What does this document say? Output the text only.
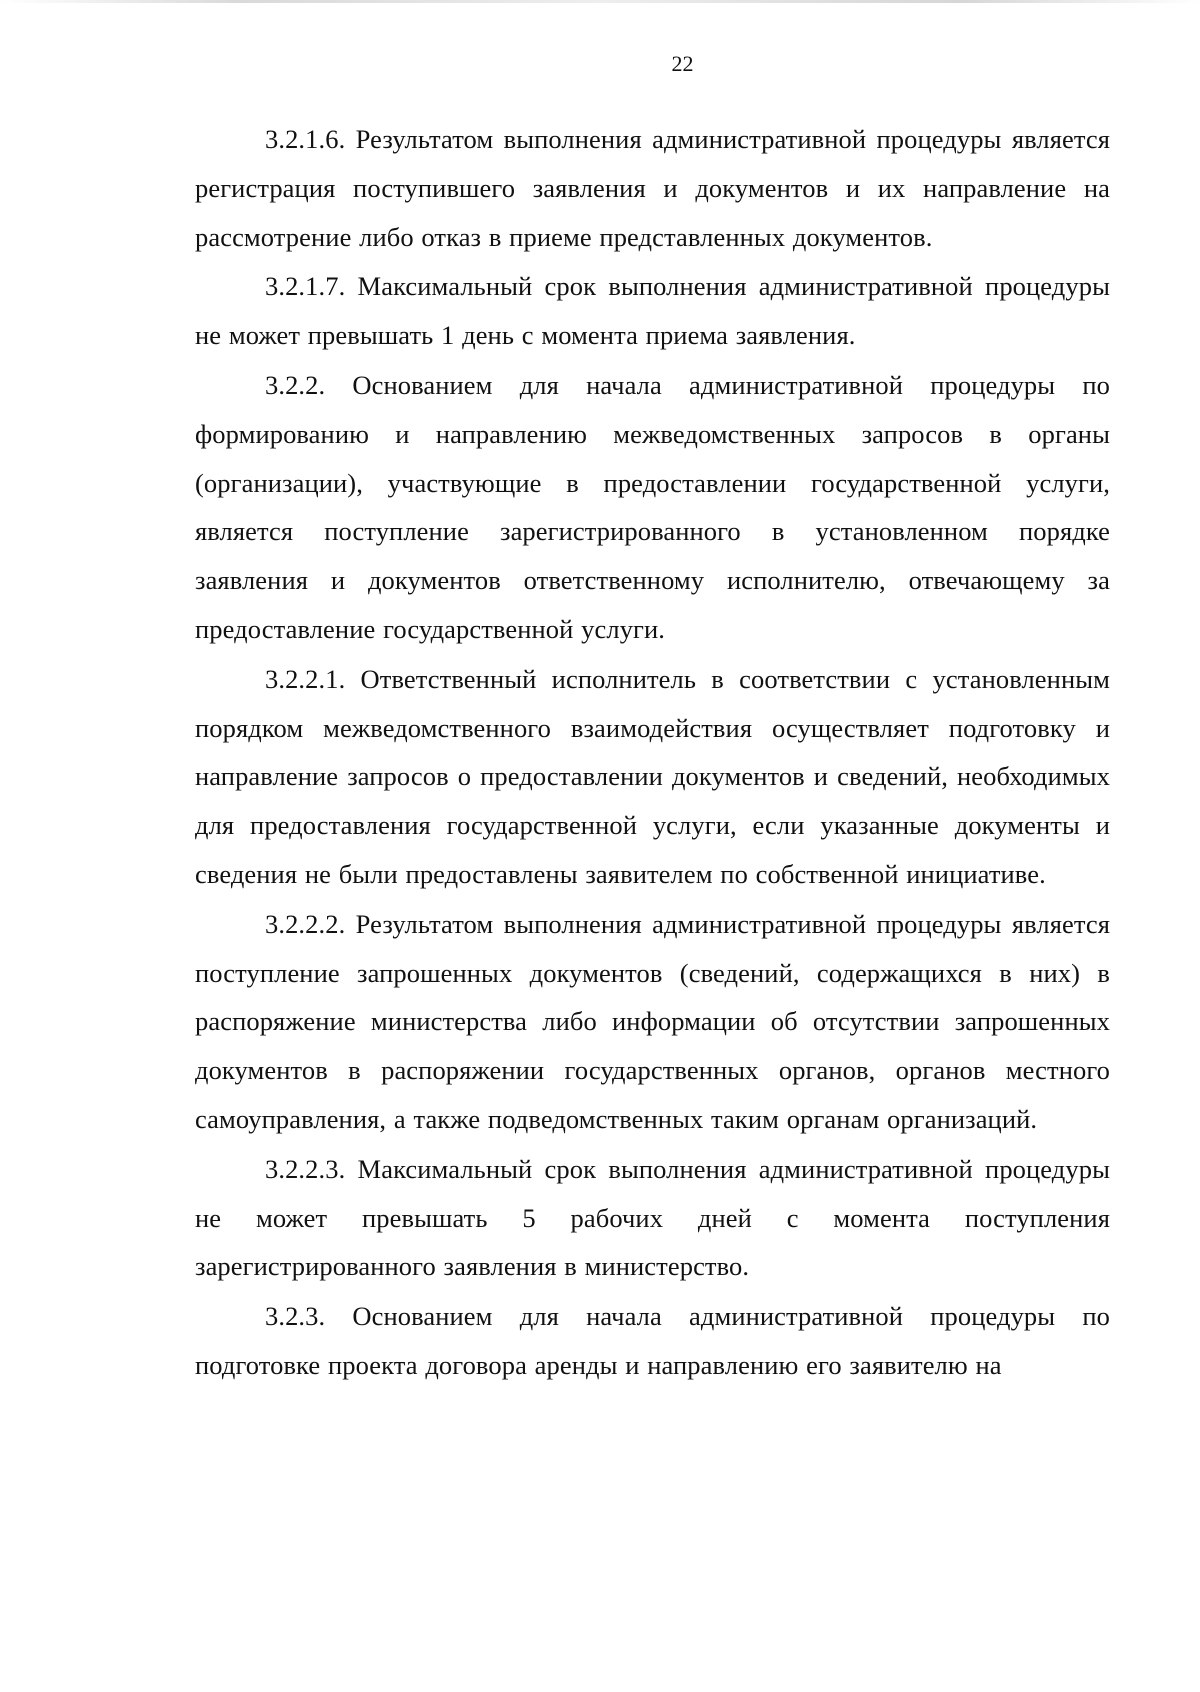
22

3.2.1.6. Результатом выполнения административной процедуры является регистрация поступившего заявления и документов и их направление на рассмотрение либо отказ в приеме представленных документов.

3.2.1.7. Максимальный срок выполнения административной процедуры не может превышать 1 день с момента приема заявления.

3.2.2. Основанием для начала административной процедуры по формированию и направлению межведомственных запросов в органы (организации), участвующие в предоставлении государственной услуги, является поступление зарегистрированного в установленном порядке заявления и документов ответственному исполнителю, отвечающему за предоставление государственной услуги.

3.2.2.1. Ответственный исполнитель в соответствии с установленным порядком межведомственного взаимодействия осуществляет подготовку и направление запросов о предоставлении документов и сведений, необходимых для предоставления государственной услуги, если указанные документы и сведения не были предоставлены заявителем по собственной инициативе.

3.2.2.2. Результатом выполнения административной процедуры является поступление запрошенных документов (сведений, содержащихся в них) в распоряжение министерства либо информации об отсутствии запрошенных документов в распоряжении государственных органов, органов местного самоуправления, а также подведомственных таким органам организаций.

3.2.2.3. Максимальный срок выполнения административной процедуры не может превышать 5 рабочих дней с момента поступления зарегистрированного заявления в министерство.

3.2.3. Основанием для начала административной процедуры по подготовке проекта договора аренды и направлению его заявителю на
